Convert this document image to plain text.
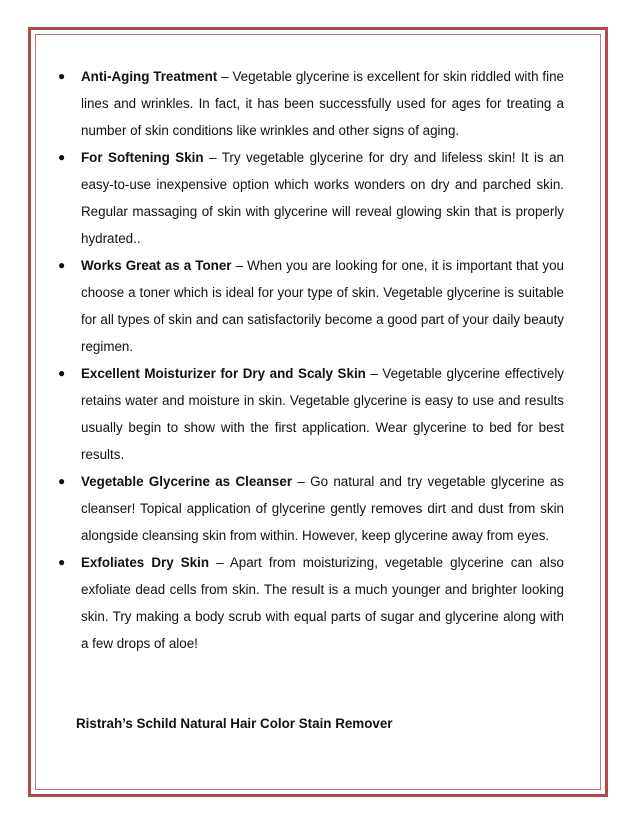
● Anti-Aging Treatment – Vegetable glycerine is excellent for skin riddled with fine lines and wrinkles. In fact, it has been successfully used for ages for treating a number of skin conditions like wrinkles and other signs of aging.
● For Softening Skin – Try vegetable glycerine for dry and lifeless skin! It is an easy-to-use inexpensive option which works wonders on dry and parched skin. Regular massaging of skin with glycerine will reveal glowing skin that is properly hydrated..
● Works Great as a Toner – When you are looking for one, it is important that you choose a toner which is ideal for your type of skin. Vegetable glycerine is suitable for all types of skin and can satisfactorily become a good part of your daily beauty regimen.
● Excellent Moisturizer for Dry and Scaly Skin – Vegetable glycerine effectively retains water and moisture in skin. Vegetable glycerine is easy to use and results usually begin to show with the first application. Wear glycerine to bed for best results.
● Vegetable Glycerine as Cleanser – Go natural and try vegetable glycerine as cleanser! Topical application of glycerine gently removes dirt and dust from skin alongside cleansing skin from within. However, keep glycerine away from eyes.
● Exfoliates Dry Skin – Apart from moisturizing, vegetable glycerine can also exfoliate dead cells from skin. The result is a much younger and brighter looking skin. Try making a body scrub with equal parts of sugar and glycerine along with a few drops of aloe!
Ristrah’s Schild Natural Hair Color Stain Remover
